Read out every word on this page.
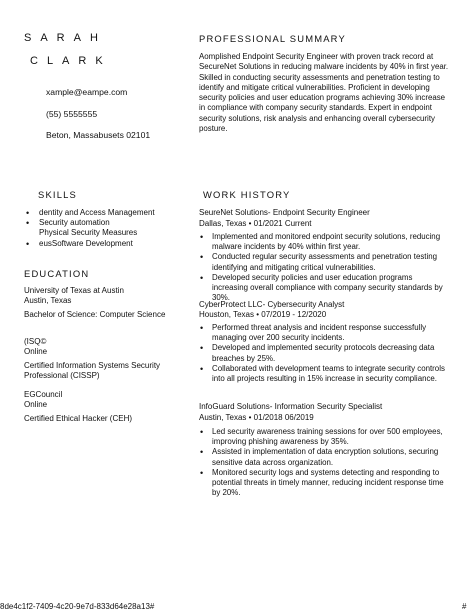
SARAH
CLARK
xample@eampe.com
(55) 5555555
Beton, Massabusets 02101
PROFESSIONAL SUMMARY
Aomplished Endpoint Security Engineer with proven track record at SecureNet Solutions in reducing malware incidents by 40% in first year. Skilled in conducting security assessments and penetration testing to identify and mitigate critical vulnerabilities. Proficient in developing security policies and user education programs achieving 30% increase in compliance with company security standards. Expert in endpoint security solutions, risk analysis and enhancing overall cybersecurity posture.
SKILLS
• dentity and Access Management
• Security automation
Physical Security Measures
• eusSoftware Development
EDUCATION
University of Texas at Austin
Austin, Texas
Bachelor of Science: Computer Science
(ISQ©
Online
Certified Information Systems Security Professional (CISSP)
EGCouncil
Online
Certified Ethical Hacker (CEH)
WORK HISTORY
SeureNet Solutions- Endpoint Security Engineer
Dallas, Texas • 01/2021 Current
• Implemented and monitored endpoint security solutions, reducing malware incidents by 40% within first year.
• Conducted regular security assessments and penetration testing identifying and mitigating critical vulnerabilities.
• Developed security policies and user education programs increasing overall compliance with company security standards by 30%.
CyberProtect LLC- Cybersecurity Analyst
Houston, Texas • 07/2019 - 12/2020
• Performed threat analysis and incident response successfully managing over 200 security incidents.
• Developed and implemented security protocols decreasing data breaches by 25%.
• Collaborated with development teams to integrate security controls into all projects resulting in 15% increase in security compliance.
InfoGuard Solutions- Information Security Specialist
Austin, Texas • 01/2018 06/2019
• Led security awareness training sessions for over 500 employees, improving phishing awareness by 35%.
• Assisted in implementation of data encryption solutions, securing sensitive data across organization.
• Monitored security logs and systems detecting and responding to potential threats in timely manner, reducing incident response time by 20%.
8de4c1f2-7409-4c20-9e7d-833d64e28a13#	#
